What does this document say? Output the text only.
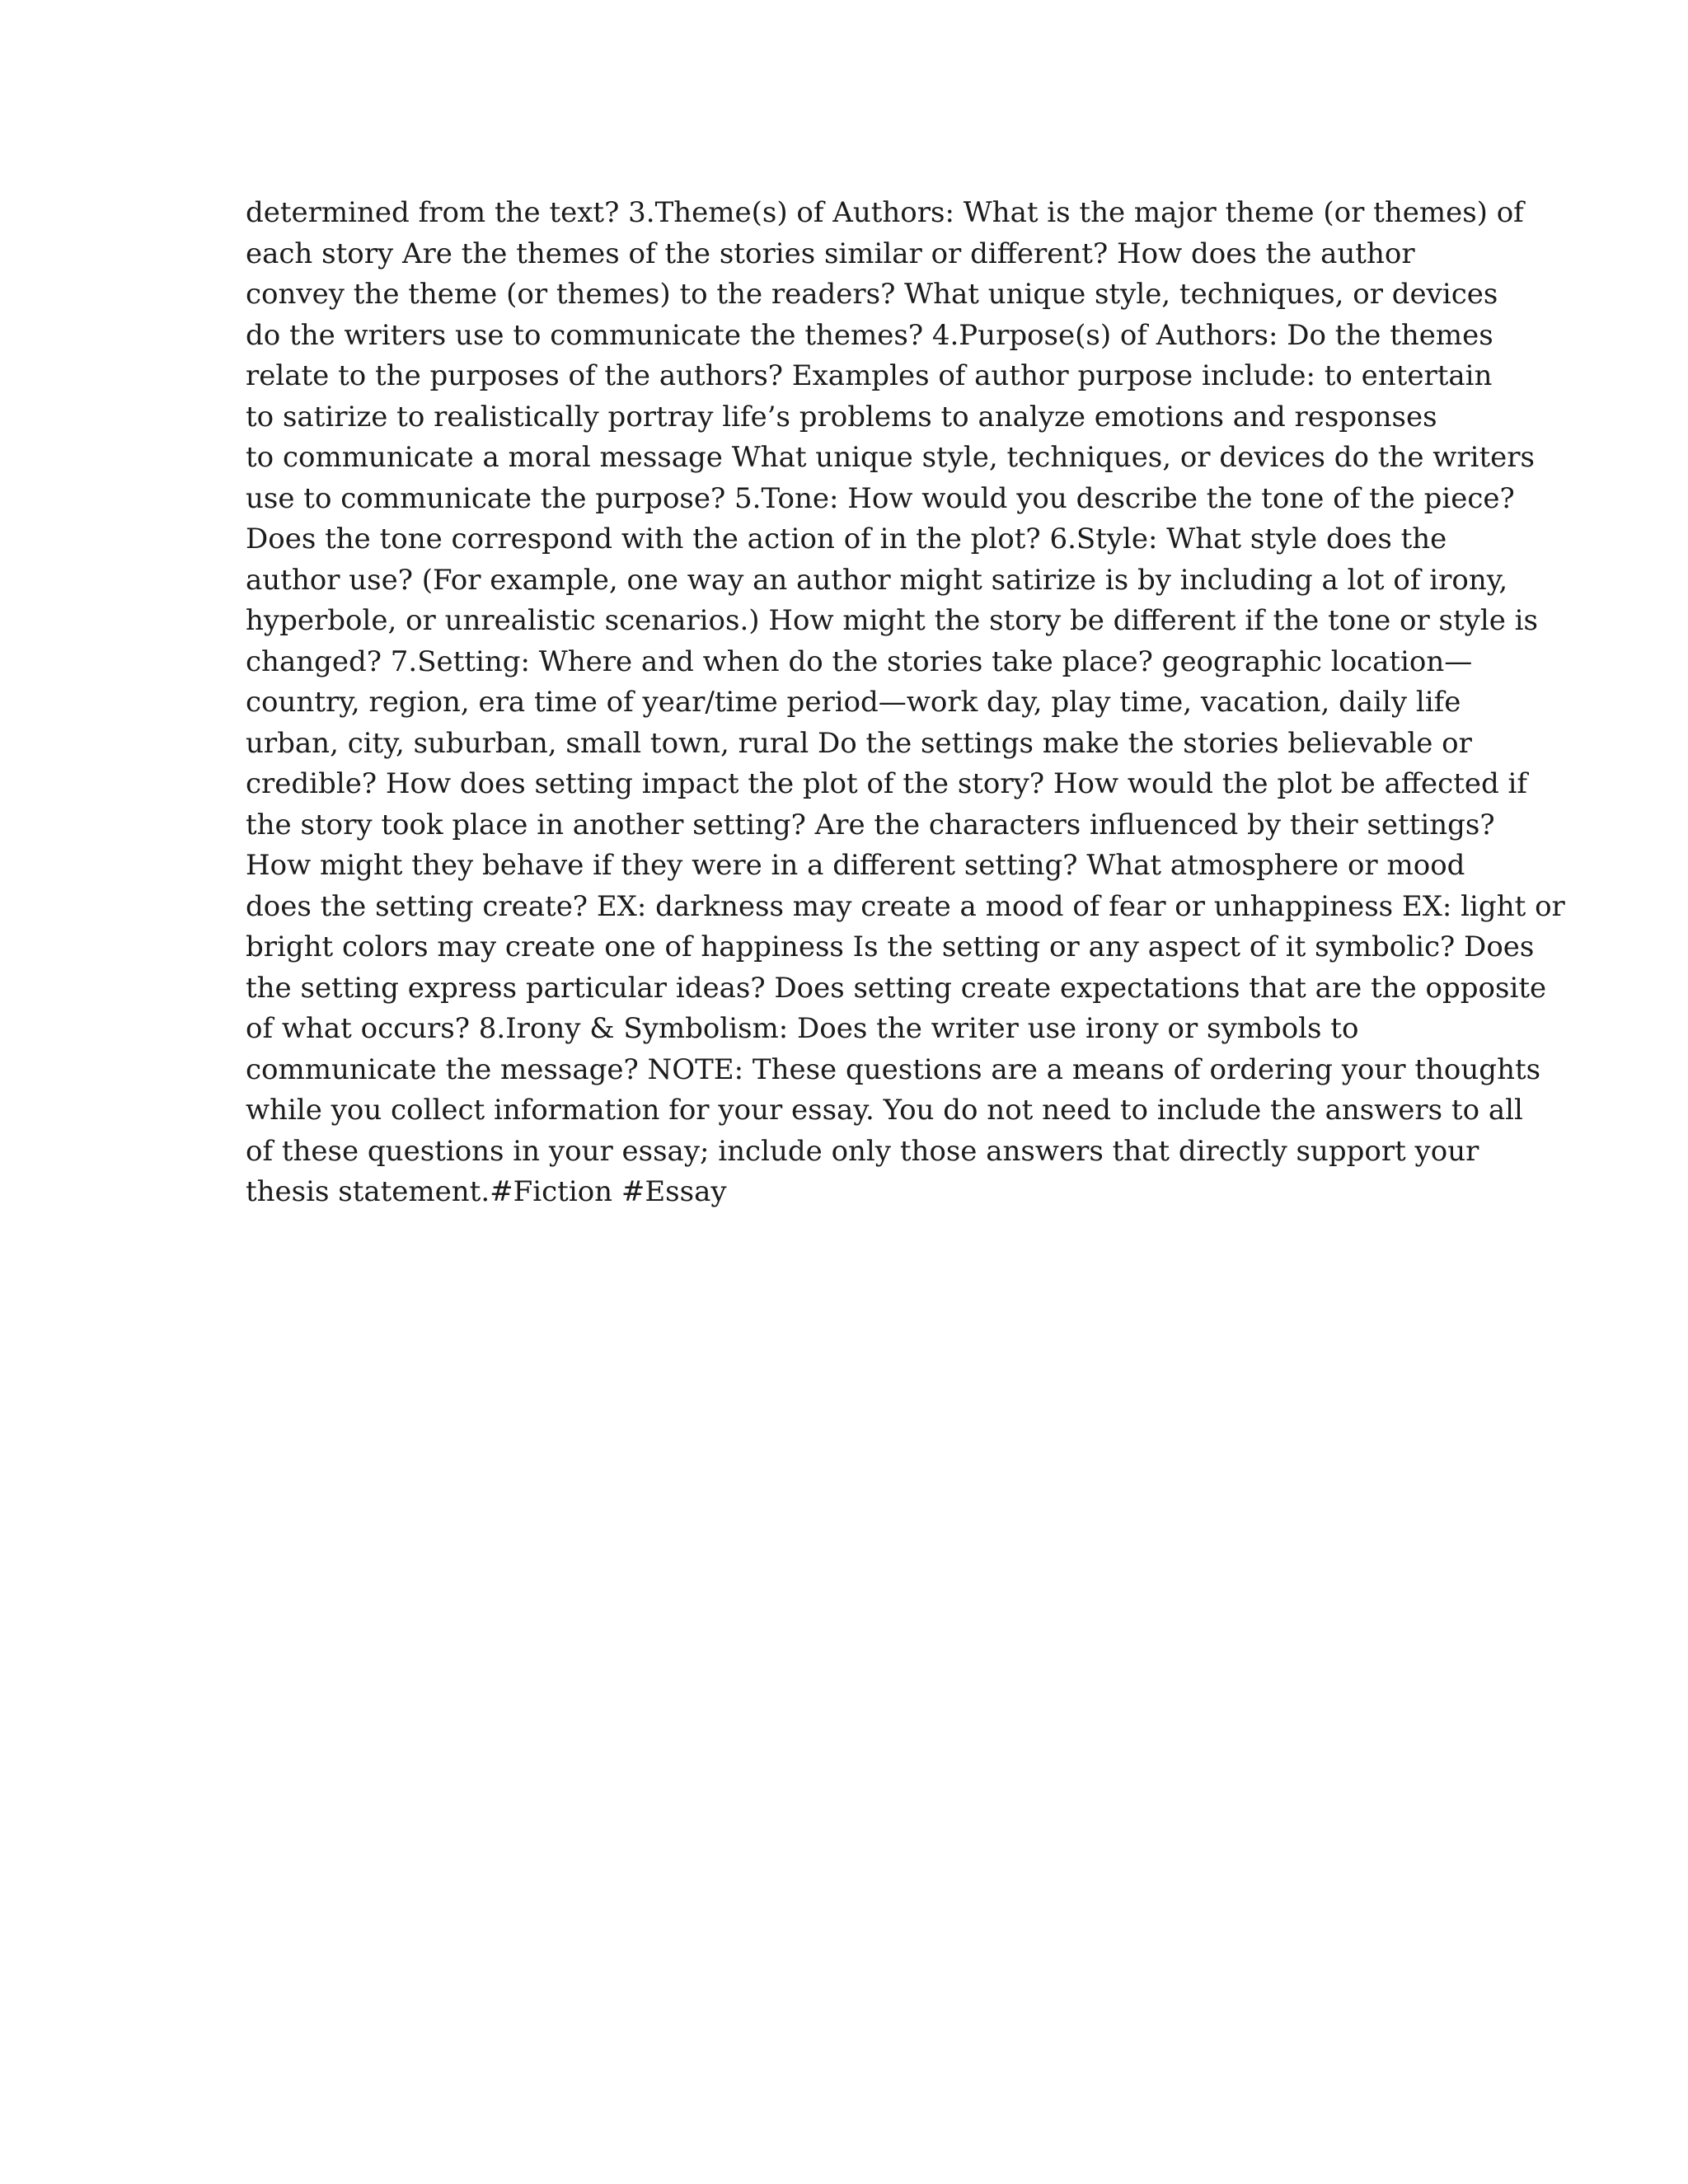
determined from the text? 3.Theme(s) of Authors: What is the major theme (or themes) of
each story Are the themes of the stories similar or different? How does the author
convey the theme (or themes) to the readers? What unique style, techniques, or devices
do the writers use to communicate the themes? 4.Purpose(s) of Authors: Do the themes
relate to the purposes of the authors? Examples of author purpose include: to entertain
to satirize to realistically portray life’s problems to analyze emotions and responses
to communicate a moral message What unique style, techniques, or devices do the writers
use to communicate the purpose? 5.Tone: How would you describe the tone of the piece?
Does the tone correspond with the action of in the plot? 6.Style: What style does the
author use? (For example, one way an author might satirize is by including a lot of irony,
hyperbole, or unrealistic scenarios.) How might the story be different if the tone or style is
changed? 7.Setting: Where and when do the stories take place? geographic location—
country, region, era time of year/time period—work day, play time, vacation, daily life
urban, city, suburban, small town, rural Do the settings make the stories believable or
credible? How does setting impact the plot of the story? How would the plot be affected if
the story took place in another setting? Are the characters influenced by their settings?
How might they behave if they were in a different setting? What atmosphere or mood
does the setting create? EX: darkness may create a mood of fear or unhappiness EX: light or
bright colors may create one of happiness Is the setting or any aspect of it symbolic? Does
the setting express particular ideas? Does setting create expectations that are the opposite
of what occurs? 8.Irony & Symbolism: Does the writer use irony or symbols to
communicate the message? NOTE: These questions are a means of ordering your thoughts
while you collect information for your essay. You do not need to include the answers to all
of these questions in your essay; include only those answers that directly support your
thesis statement.#Fiction #Essay
